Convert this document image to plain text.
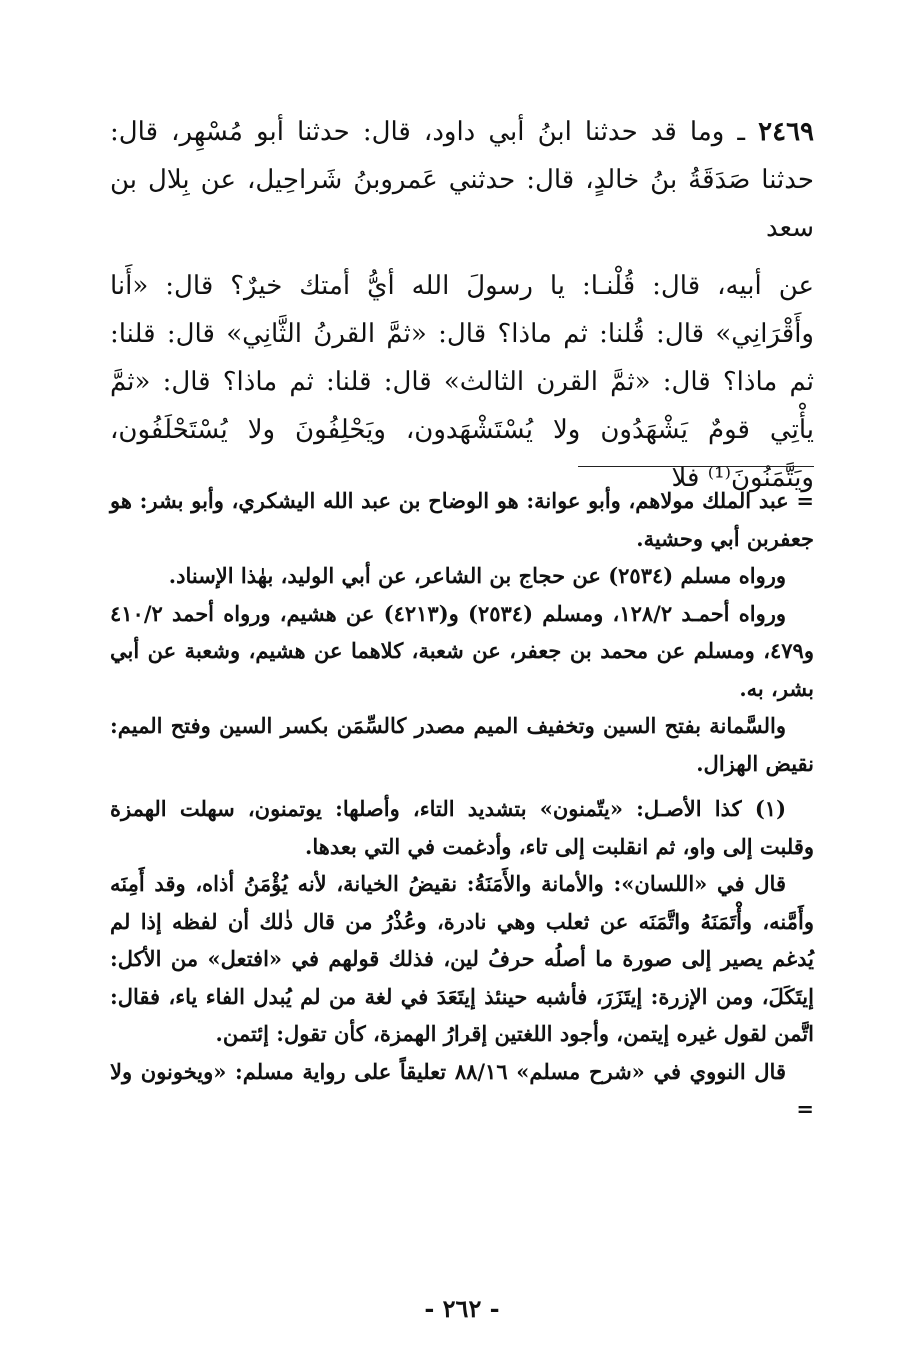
٢٤٦٩ ـ وما قد حدثنا ابنُ أبي داود، قال: حدثنا أبو مُسْهِر، قال: حدثنا صَدَقَةُ بنُ خالدٍ، قال: حدثني عَمروبنُ شَراحِيل، عن بِلال بن سعد

عن أبيه، قال: قُلْنـا: يا رسولَ الله أيُّ أمتك خيرٌ؟ قال: «أَنا وأَقْرَانِي» قال: قُلنا: ثم ماذا؟ قال: «ثمَّ القرنُ الثَّانِي» قال: قلنا: ثم ماذا؟ قال: «ثمَّ القرن الثالث» قال: قلنا: ثم ماذا؟ قال: «ثمَّ يأْتِي قومٌ يَشْهَدُون ولا يُسْتَشْهَدون، ويَحْلِفُونَ ولا يُسْتَحْلَفُون، ويَتَّمَنُونَ⁽¹⁾ فلا

= عبد الملك مولاهم، وأبو عوانة: هو الوضاح بن عبد الله اليشكري، وأبو بشر: هو جعفربن أبي وحشية.

ورواه مسلم (٢٥٣٤) عن حجاج بن الشاعر، عن أبي الوليد، بهٰذا الإسناد.

ورواه أحمـد ١٢٨/٢، ومسلم (٢٥٣٤) و(٤٢١٣) عن هشيم، ورواه أحمد ٤١٠/٢ و٤٧٩، ومسلم عن محمد بن جعفر، عن شعبة، كلاهما عن هشيم، وشعبة عن أبي بشر، به.

والسَّمانة بفتح السين وتخفيف الميم مصدر كالسِّمَن بكسر السين وفتح الميم: نقيض الهزال.

(١) كذا الأصـل: «يتّمنون» بتشديد التاء، وأصلها: يوتمنون، سهلت الهمزة وقلبت إلى واو، ثم انقلبت إلى تاء، وأدغمت في التي بعدها.

قال في «اللسان»: والأمانة والأَمَنَةُ: نقيضُ الخيانة، لأنه يُؤْمَنُ أذاه، وقد أَمِنَه وأَمَّنه، وأْتَمَنَهُ واتَّمَنَه عن ثعلب وهي نادرة، وعُذْرُ من قال ذٰلك أن لفظه إذا لم يُدغم يصير إلى صورة ما أصلُه حرفُ لين، فذلك قولهم في «افتعل» من الأكل: إيتَكَلَ، ومن الإزرة: إيتَزَرَ، فأشبه حينئذ إيتَعَدَ في لغة من لم يُبدل الفاء ياء، فقال: اتَّمن لقول غيره إيتمن، وأجود اللغتين إقرارُ الهمزة، كأن تقول: إئتمن.

قال النووي في «شرح مسلم» ٨٨/١٦ تعليقاً على رواية مسلم: «ويخونون ولا =

- ٢٦٢ -
